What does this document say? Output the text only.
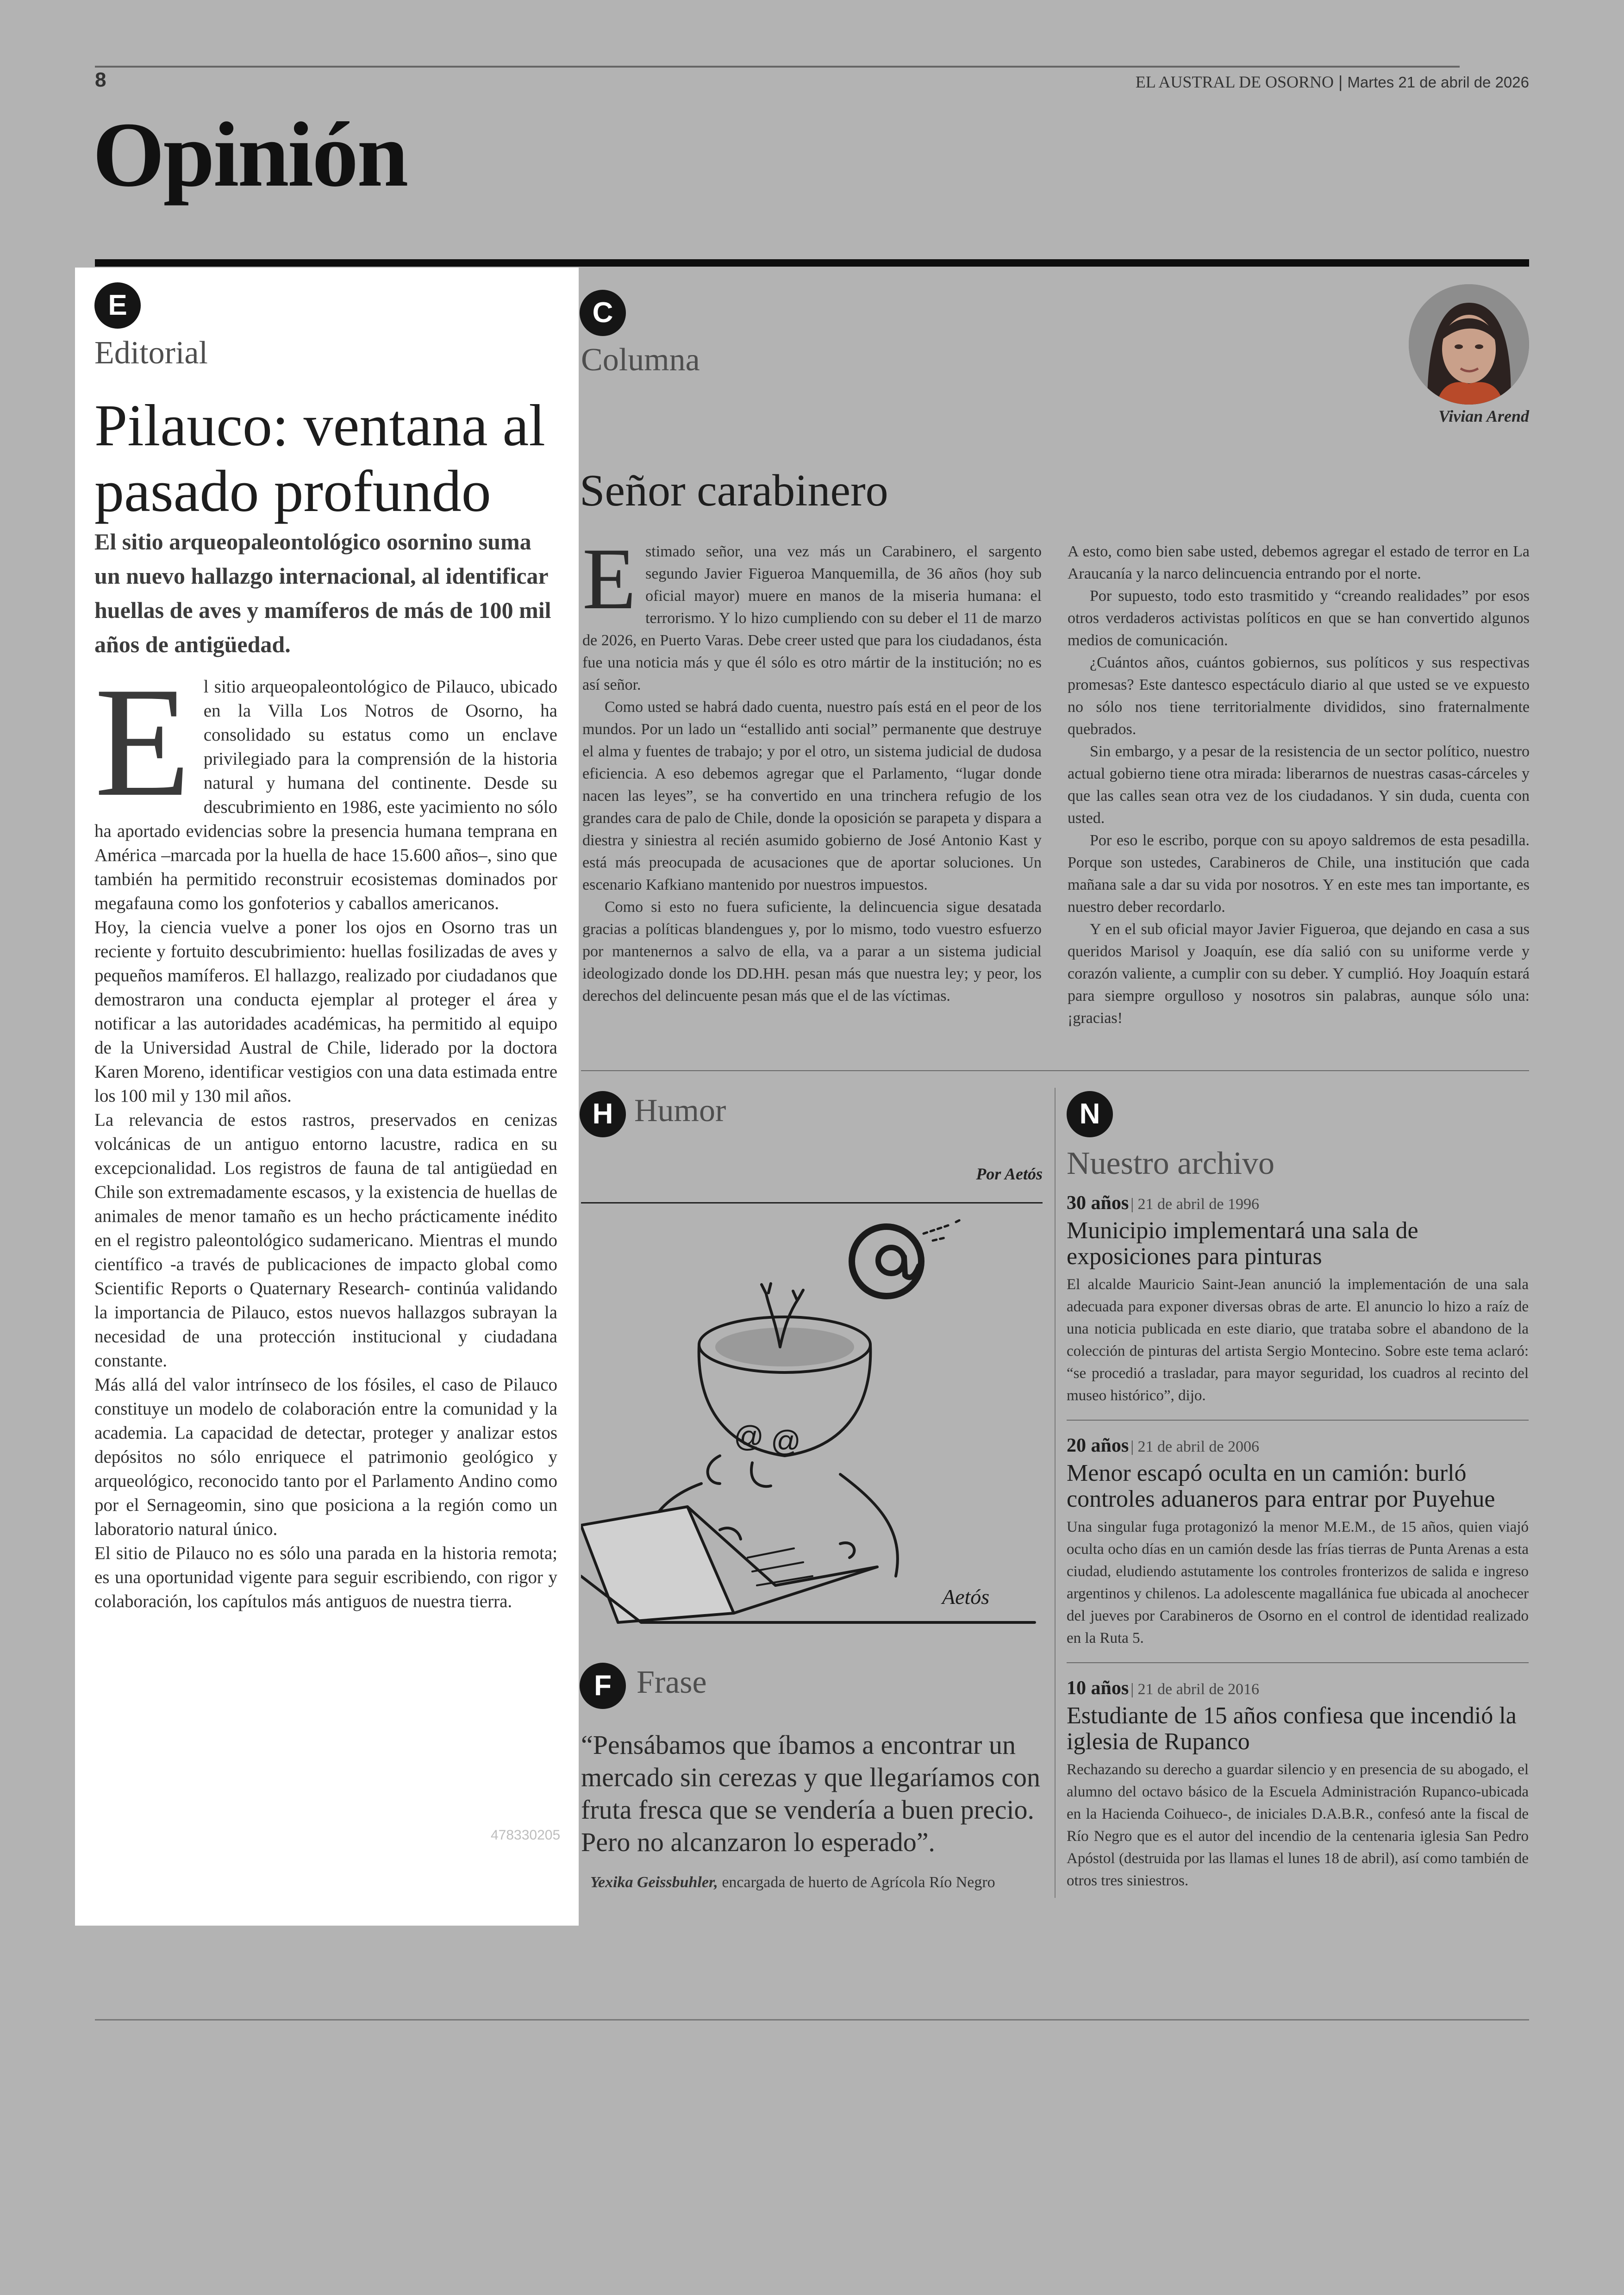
8	EL AUSTRAL DE OSORNO | Martes 21 de abril de 2026
Opinión
E
Editorial
Pilauco: ventana al pasado profundo
El sitio arqueopaleontológico osornino suma un nuevo hallazgo internacional, al identificar huellas de aves y mamíferos de más de 100 mil años de antigüedad.

El sitio arqueopaleontológico de Pilauco, ubicado en la Villa Los Notros de Osorno, ha consolidado su estatus como un enclave privilegiado para la comprensión de la historia natural y humana del continente. Desde su descubrimiento en 1986, este yacimiento no sólo ha aportado evidencias sobre la presencia humana temprana en América –marcada por la huella de hace 15.600 años–, sino que también ha permitido reconstruir ecosistemas dominados por megafauna como los gonfoterios y caballos americanos.

Hoy, la ciencia vuelve a poner los ojos en Osorno tras un reciente y fortuito descubrimiento: huellas fosilizadas de aves y pequeños mamíferos. El hallazgo, realizado por ciudadanos que demostraron una conducta ejemplar al proteger el área y notificar a las autoridades académicas, ha permitido al equipo de la Universidad Austral de Chile, liderado por la doctora Karen Moreno, identificar vestigios con una data estimada entre los 100 mil y 130 mil años.

La relevancia de estos rastros, preservados en cenizas volcánicas de un antiguo entorno lacustre, radica en su excepcionalidad. Los registros de fauna de tal antigüedad en Chile son extremadamente escasos, y la existencia de huellas de animales de menor tamaño es un hecho prácticamente inédito en el registro paleontológico sudamericano. Mientras el mundo científico -a través de publicaciones de impacto global como Scientific Reports o Quaternary Research- continúa validando la importancia de Pilauco, estos nuevos hallazgos subrayan la necesidad de una protección institucional y ciudadana constante.

Más allá del valor intrínseco de los fósiles, el caso de Pilauco constituye un modelo de colaboración entre la comunidad y la academia. La capacidad de detectar, proteger y analizar estos depósitos no sólo enriquece el patrimonio geológico y arqueológico, reconocido tanto por el Parlamento Andino como por el Sernageomin, sino que posiciona a la región como un laboratorio natural único.

El sitio de Pilauco no es sólo una parada en la historia remota; es una oportunidad vigente para seguir escribiendo, con rigor y colaboración, los capítulos más antiguos de nuestra tierra.

478330205
C
Columna
Vivian Arend
Señor carabinero

Estimado señor, una vez más un Carabinero, el sargento segundo Javier Figueroa Manquemilla, de 36 años (hoy sub oficial mayor) muere en manos de la miseria humana: el terrorismo. Y lo hizo cumpliendo con su deber el 11 de marzo de 2026, en Puerto Varas. Debe creer usted que para los ciudadanos, ésta fue una noticia más y que él sólo es otro mártir de la institución; no es así señor.

Como usted se habrá dado cuenta, nuestro país está en el peor de los mundos. Por un lado un “estallido anti social” permanente que destruye el alma y fuentes de trabajo; y por el otro, un sistema judicial de dudosa eficiencia. A eso debemos agregar que el Parlamento, “lugar donde nacen las leyes”, se ha convertido en una trinchera refugio de los grandes cara de palo de Chile, donde la oposición se parapeta y dispara a diestra y siniestra al recién asumido gobierno de José Antonio Kast y está más preocupada de acusaciones que de aportar soluciones. Un escenario Kafkiano mantenido por nuestros impuestos.

Como si esto no fuera suficiente, la delincuencia sigue desatada gracias a políticas blandengues y, por lo mismo, todo vuestro esfuerzo por mantenernos a salvo de ella, va a parar a un sistema judicial ideologizado donde los DD.HH. pesan más que nuestra ley; y peor, los derechos del delincuente pesan más que el de las víctimas.

A esto, como bien sabe usted, debemos agregar el estado de terror en La Araucanía y la narco delincuencia entrando por el norte.

Por supuesto, todo esto trasmitido y “creando realidades” por esos otros verdaderos activistas políticos en que se han convertido algunos medios de comunicación.

¿Cuántos años, cuántos gobiernos, sus políticos y sus respectivas promesas? Este dantesco espectáculo diario al que usted se ve expuesto no sólo nos tiene territorialmente divididos, sino fraternalmente quebrados.

Sin embargo, y a pesar de la resistencia de un sector político, nuestro actual gobierno tiene otra mirada: liberarnos de nuestras casas-cárceles y que las calles sean otra vez de los ciudadanos. Y sin duda, cuenta con usted.

Por eso le escribo, porque con su apoyo saldremos de esta pesadilla. Porque son ustedes, Carabineros de Chile, una institución que cada mañana sale a dar su vida por nosotros. Y en este mes tan importante, es nuestro deber recordarlo.

Y en el sub oficial mayor Javier Figueroa, que dejando en casa a sus queridos Marisol y Joaquín, ese día salió con su uniforme verde y corazón valiente, a cumplir con su deber. Y cumplió. Hoy Joaquín estará para siempre orgulloso y nosotros sin palabras, aunque sólo una: ¡gracias!

H Humor
Por Aetós
@ @
Aetós
F Frase
“Pensábamos que íbamos a encontrar un mercado sin cerezas y que llegaríamos con fruta fresca que se vendería a buen precio. Pero no alcanzaron lo esperado”.
Yexika Geissbuhler, encargada de huerto de Agrícola Río Negro
N
Nuestro archivo
30 años | 21 de abril de 1996
Municipio implementará una sala de exposiciones para pinturas

El alcalde Mauricio Saint-Jean anunció la implementación de una sala adecuada para exponer diversas obras de arte. El anuncio lo hizo a raíz de una noticia publicada en este diario, que trataba sobre el abandono de la colección de pinturas del artista Sergio Montecino. Sobre este tema aclaró: “se procedió a trasladar, para mayor seguridad, los cuadros al recinto del museo histórico”, dijo.

20 años | 21 de abril de 2006
Menor escapó oculta en un camión: burló controles aduaneros para entrar por Puyehue

Una singular fuga protagonizó la menor M.E.M., de 15 años, quien viajó oculta ocho días en un camión desde las frías tierras de Punta Arenas a esta ciudad, eludiendo astutamente los controles fronterizos de salida e ingreso argentinos y chilenos. La adolescente magallánica fue ubicada al anochecer del jueves por Carabineros de Osorno en el control de identidad realizado en la Ruta 5.

10 años | 21 de abril de 2016
Estudiante de 15 años confiesa que incendió la iglesia de Rupanco

Rechazando su derecho a guardar silencio y en presencia de su abogado, el alumno del octavo básico de la Escuela Administración Rupanco-ubicada en la Hacienda Coihueco-, de iniciales D.A.B.R., confesó ante la fiscal de Río Negro que es el autor del incendio de la centenaria iglesia San Pedro Apóstol (destruida por las llamas el lunes 18 de abril), así como también de otros tres siniestros.
